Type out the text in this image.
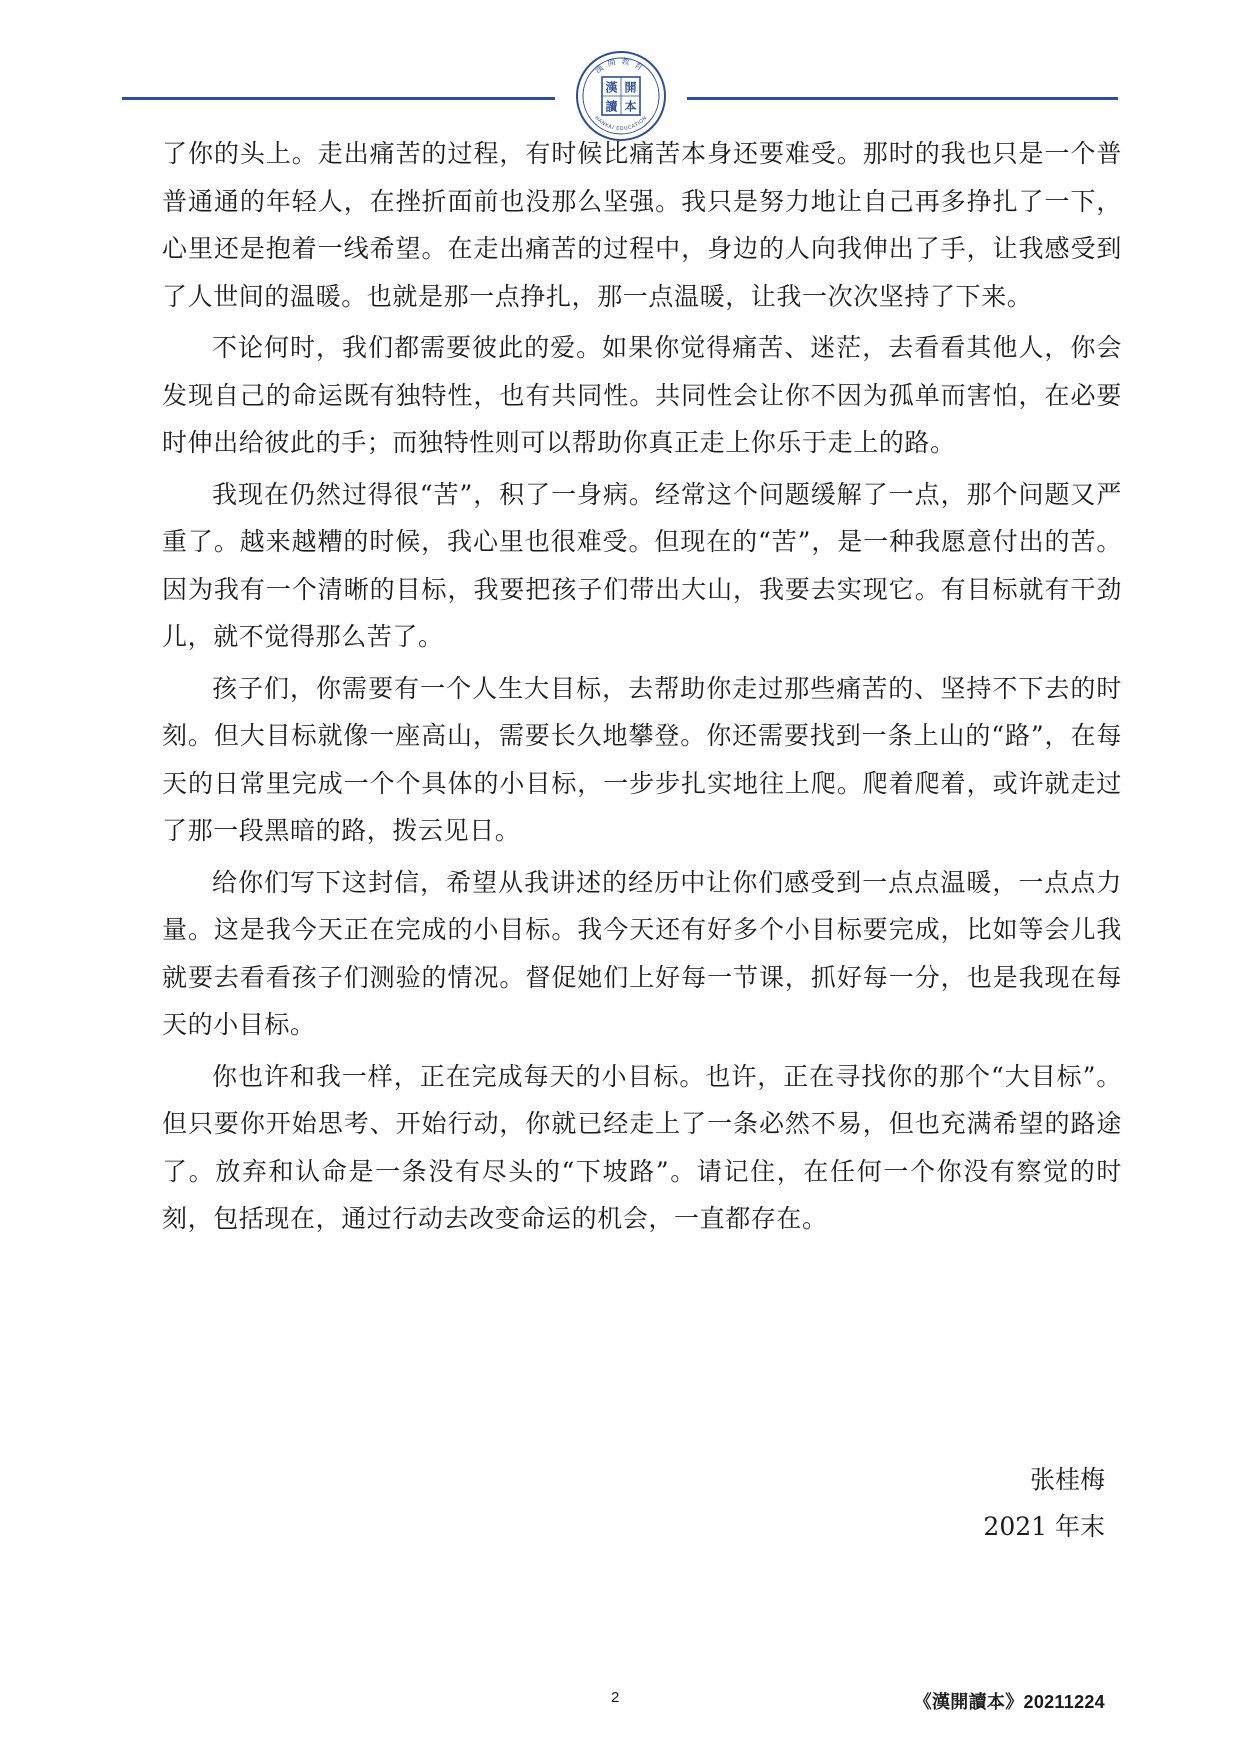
漢開教育
HANKAI EDUCATION
漢 開
讀 本

了你的头上。走出痛苦的过程，有时候比痛苦本身还要难受。那时的我也只是一个普普通通的年轻人，在挫折面前也没那么坚强。我只是努力地让自己再多挣扎了一下，心里还是抱着一线希望。在走出痛苦的过程中，身边的人向我伸出了手，让我感受到了人世间的温暖。也就是那一点挣扎，那一点温暖，让我一次次坚持了下来。

不论何时，我们都需要彼此的爱。如果你觉得痛苦、迷茫，去看看其他人，你会发现自己的命运既有独特性，也有共同性。共同性会让你不因为孤单而害怕，在必要时伸出给彼此的手；而独特性则可以帮助你真正走上你乐于走上的路。

我现在仍然过得很“苦”，积了一身病。经常这个问题缓解了一点，那个问题又严重了。越来越糟的时候，我心里也很难受。但现在的“苦”，是一种我愿意付出的苦。因为我有一个清晰的目标，我要把孩子们带出大山，我要去实现它。有目标就有干劲儿，就不觉得那么苦了。

孩子们，你需要有一个人生大目标，去帮助你走过那些痛苦的、坚持不下去的时刻。但大目标就像一座高山，需要长久地攀登。你还需要找到一条上山的“路”，在每天的日常里完成一个个具体的小目标，一步步扎实地往上爬。爬着爬着，或许就走过了那一段黑暗的路，拨云见日。

给你们写下这封信，希望从我讲述的经历中让你们感受到一点点温暖，一点点力量。这是我今天正在完成的小目标。我今天还有好多个小目标要完成，比如等会儿我就要去看看孩子们测验的情况。督促她们上好每一节课，抓好每一分，也是我现在每天的小目标。

你也许和我一样，正在完成每天的小目标。也许，正在寻找你的那个“大目标”。但只要你开始思考、开始行动，你就已经走上了一条必然不易，但也充满希望的路途了。放弃和认命是一条没有尽头的“下坡路”。请记住，在任何一个你没有察觉的时刻，包括现在，通过行动去改变命运的机会，一直都存在。

张桂梅
2021 年末
2	《漢開讀本》20211224
